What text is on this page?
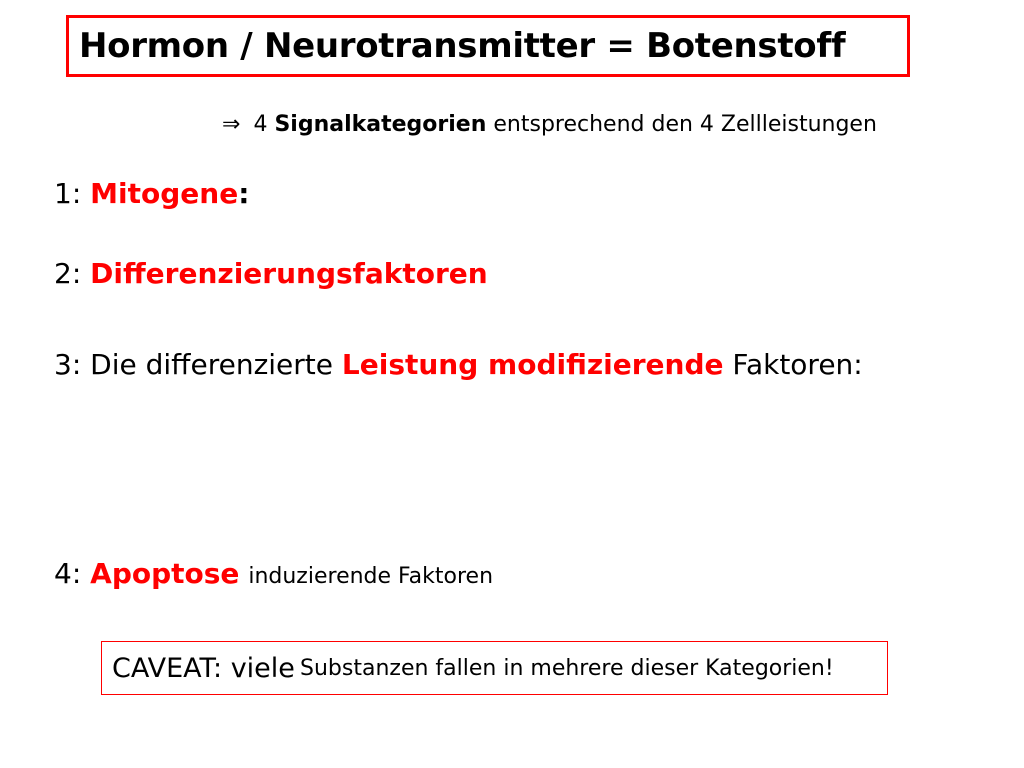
Hormon / Neurotransmitter = Botenstoff
⇒ 4 Signalkategorien entsprechend den 4 Zellleistungen
1: Mitogene:
2: Differenzierungsfaktoren
3: Die differenzierte Leistung modifizierende Faktoren:
4: Apoptose induzierende Faktoren
CAVEAT: viele
Substanzen fallen in mehrere dieser Kategorien!
